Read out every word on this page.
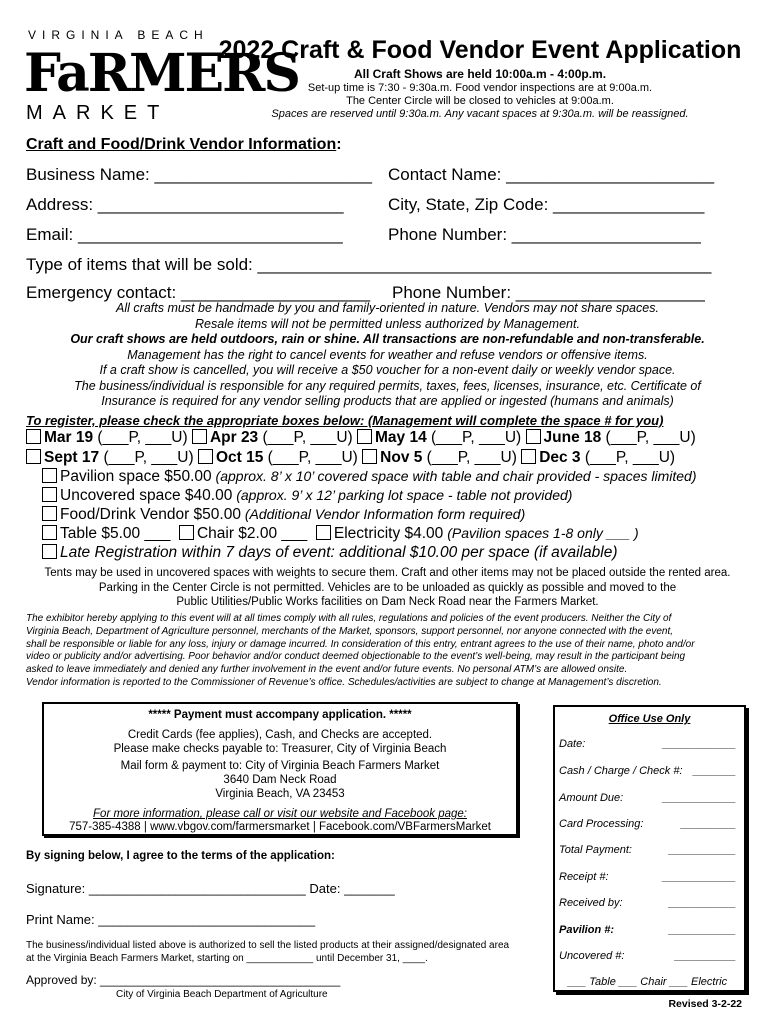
VIRGINIA BEACH
FaRMERS
MARKET
2022 Craft & Food Vendor Event Application
All Craft Shows are held 10:00a.m - 4:00p.m.
Set-up time is 7:30 - 9:30a.m. Food vendor inspections are at 9:00a.m.
The Center Circle will be closed to vehicles at 9:00a.m.
Spaces are reserved until 9:30a.m. Any vacant spaces at 9:30a.m. will be reassigned.
Craft and Food/Drink Vendor Information:
Business Name: _______________________ Contact Name: ______________________
Address: __________________________	City, State, Zip Code: ________________
Email: ____________________________	Phone Number: ____________________
Type of items that will be sold: ________________________________________________
Emergency contact: ____________________ Phone Number: ____________________
All crafts must be handmade by you and family-oriented in nature. Vendors may not share spaces.
Resale items will not be permitted unless authorized by Management.
Our craft shows are held outdoors, rain or shine. All transactions are non-refundable and non-transferable.
Management has the right to cancel events for weather and refuse vendors or offensive items.
If a craft show is cancelled, you will receive a $50 voucher for a non-event daily or weekly vendor space.
The business/individual is responsible for any required permits, taxes, fees, licenses, insurance, etc. Certificate of
Insurance is required for any vendor selling products that are applied or ingested (humans and animals)
To register, please check the appropriate boxes below: (Management will complete the space # for you)
Mar 19 (___P, ___U) Apr 23 (___P, ___U) May 14 (___P, ___U) June 18 (___P, ___U)
Sept 17 (___P, ___U) Oct 15 (___P, ___U) Nov 5 (___P, ___U) Dec 3 (___P, ___U)
Pavilion space $50.00 (approx. 8’ x 10’ covered space with table and chair provided - spaces limited)
Uncovered space $40.00 (approx. 9’ x 12’ parking lot space - table not provided)
Food/Drink Vendor $50.00 (Additional Vendor Information form required)
Table $5.00 ___ Chair $2.00 ___ Electricity $4.00 (Pavilion spaces 1-8 only ___ )
Late Registration within 7 days of event: additional $10.00 per space (if available)
Tents may be used in uncovered spaces with weights to secure them. Craft and other items may not be placed outside the rented area.
Parking in the Center Circle is not permitted. Vehicles are to be unloaded as quickly as possible and moved to the
Public Utilities/Public Works facilities on Dam Neck Road near the Farmers Market.
The exhibitor hereby applying to this event will at all times comply with all rules, regulations and policies of the event producers. Neither the City of
Virginia Beach, Department of Agriculture personnel, merchants of the Market, sponsors, support personnel, nor anyone connected with the event,
shall be responsible or liable for any loss, injury or damage incurred. In consideration of this entry, entrant agrees to the use of their name, photo and/or
video or publicity and/or advertising. Poor behavior and/or conduct deemed objectionable to the event’s well-being, may result in the participant being
asked to leave immediately and denied any further involvement in the event and/or future events. No personal ATM’s are allowed onsite.
Vendor information is reported to the Commissioner of Revenue’s office. Schedules/activities are subject to change at Management’s discretion.
***** Payment must accompany application. *****
Credit Cards (fee applies), Cash, and Checks are accepted.
Please make checks payable to: Treasurer, City of Virginia Beach
Mail form & payment to: City of Virginia Beach Farmers Market
3640 Dam Neck Road
Virginia Beach, VA 23453
For more information, please call or visit our website and Facebook page:
757-385-4388 | www.vbgov.com/farmersmarket | Facebook.com/VBFarmersMarket
Office Use Only
Date:	____________
Cash / Charge / Check #: _______
Amount Due:	____________
Card Processing:	_________
Total Payment:	___________
Receipt #:	____________
Received by:	___________
Pavilion #:	___________
Uncovered #:	__________
___ Table ___ Chair ___ Electric
By signing below, I agree to the terms of the application:
Signature: ______________________________ Date: _______
Print Name: ______________________________
The business/individual listed above is authorized to sell the listed products at their assigned/designated area
at the Virginia Beach Farmers Market, starting on ____________ until December 31, ____.
Approved by: ____________________________________
City of Virginia Beach Department of Agriculture
Revised 3-2-22
